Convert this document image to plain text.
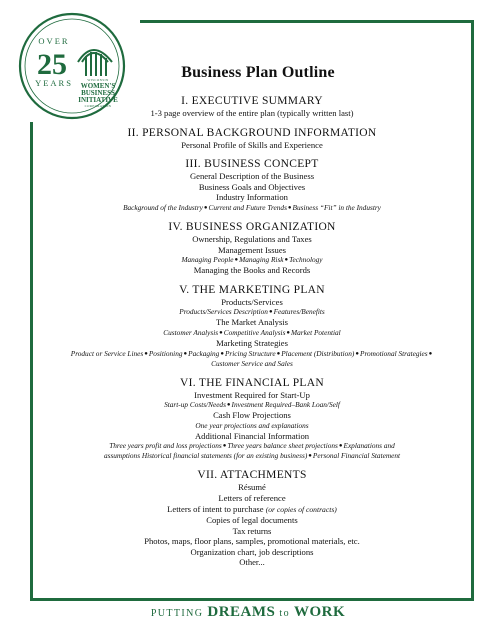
OVER
25
YEARS	WISCONSIN
WOMEN'S
BUSINESS
INITIATIVE
CORPORATION
Business Plan Outline
I. EXECUTIVE SUMMARY
1-3 page overview of the entire plan (typically written last)
II. PERSONAL BACKGROUND INFORMATION
Personal Profile of Skills and Experience
III. BUSINESS CONCEPT
General Description of the Business
Business Goals and Objectives
Industry Information
Background of the Industry●Current and Future Trends●Business “Fit” in the Industry
IV. BUSINESS ORGANIZATION
Ownership, Regulations and Taxes
Management Issues
Managing People●Managing Risk●Technology
Managing the Books and Records
V. THE MARKETING PLAN
Products/Services
Products/Services Description●Features/Benefits
The Market Analysis
Customer Analysis●Competitive Analysis●Market Potential
Marketing Strategies
Product or Service Lines●Positioning●Packaging●Pricing Structure●Placement (Distribution)●Promotional Strategies●
Customer Service and Sales
VI. THE FINANCIAL PLAN
Investment Required for Start-Up
Start-up Costs/Needs●Investment Required–Bank Loan/Self
Cash Flow Projections
One year projections and explanations
Additional Financial Information
Three years profit and loss projections●Three years balance sheet projections●Explanations and
assumptions Historical financial statements (for an existing business)●Personal Financial Statement
VII. ATTACHMENTS
Résumé
Letters of reference
Letters of intent to purchase (or copies of contracts)
Copies of legal documents
Tax returns
Photos, maps, floor plans, samples, promotional materials, etc.
Organization chart, job descriptions
Other...
PUTTING DREAMS to WORK
